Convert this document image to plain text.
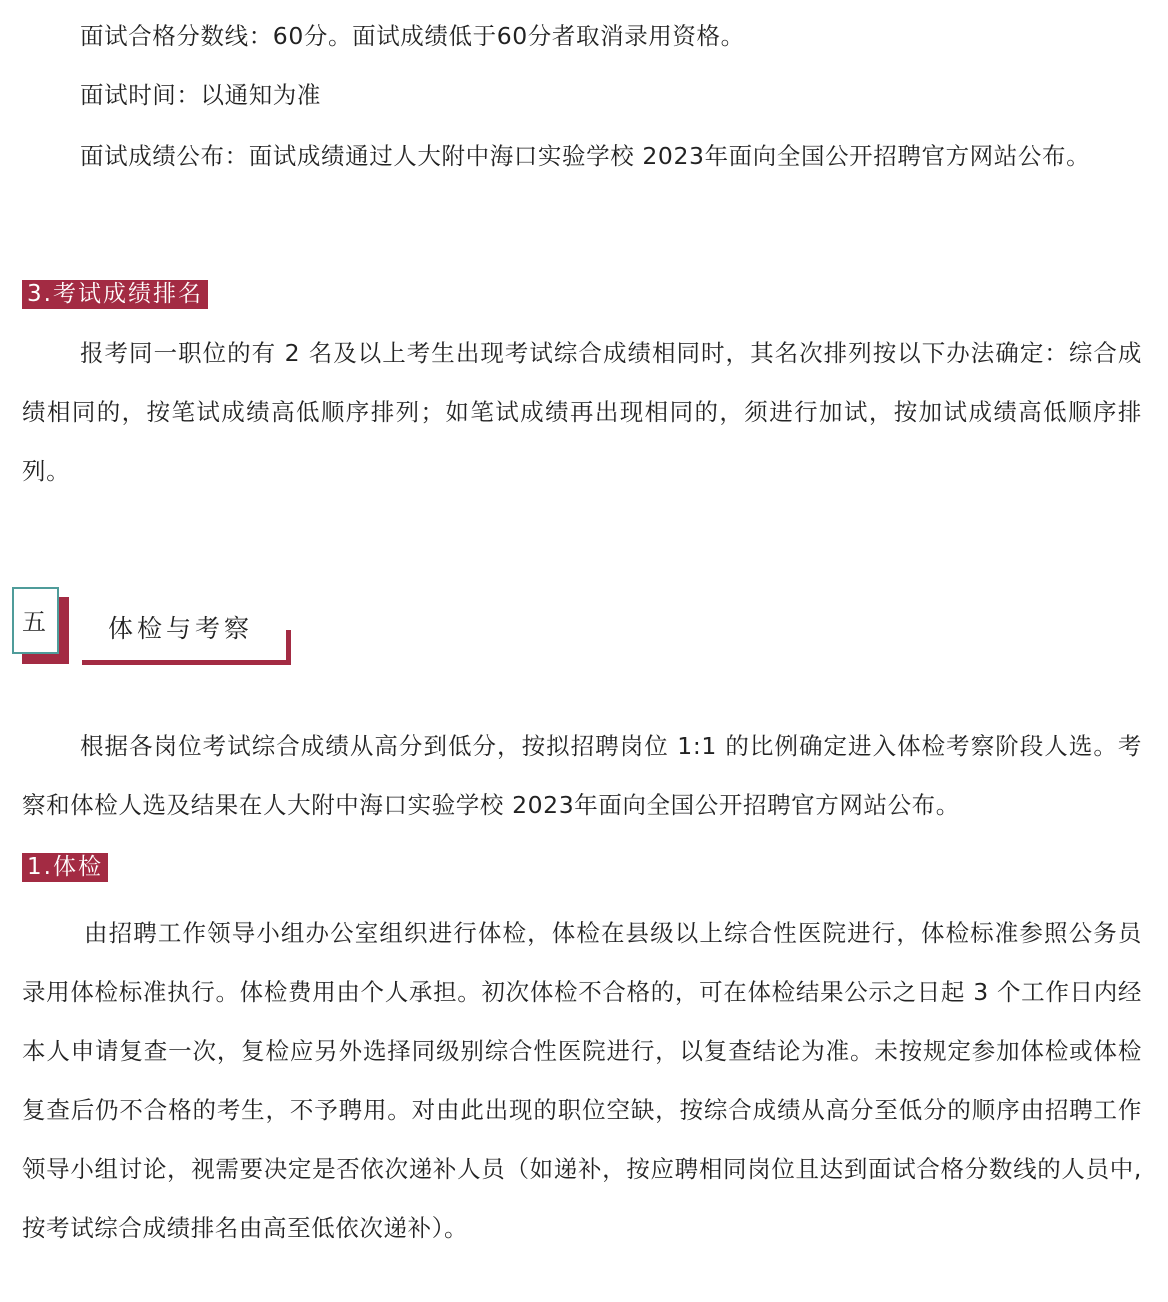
面试合格分数线：60分。面试成绩低于60分者取消录用资格。

面试时间：以通知为准

面试成绩公布：面试成绩通过人大附中海口实验学校 2023年面向全国公开招聘官方网站公布。

3.考试成绩排名

报考同一职位的有 2 名及以上考生出现考试综合成绩相同时，其名次排列按以下办法确定：综合成绩相同的，按笔试成绩高低顺序排列；如笔试成绩再出现相同的，须进行加试，按加试成绩高低顺序排列。

五	体检与考察

根据各岗位考试综合成绩从高分到低分，按拟招聘岗位 1:1 的比例确定进入体检考察阶段人选。考察和体检人选及结果在人大附中海口实验学校 2023年面向全国公开招聘官方网站公布。

1.体检

由招聘工作领导小组办公室组织进行体检，体检在县级以上综合性医院进行，体检标准参照公务员录用体检标准执行。体检费用由个人承担。初次体检不合格的，可在体检结果公示之日起 3 个工作日内经本人申请复查一次，复检应另外选择同级别综合性医院进行，以复查结论为准。未按规定参加体检或体检复查后仍不合格的考生，不予聘用。对由此出现的职位空缺，按综合成绩从高分至低分的顺序由招聘工作领导小组讨论，视需要决定是否依次递补人员（如递补，按应聘相同岗位且达到面试合格分数线的人员中,按考试综合成绩排名由高至低依次递补）。
